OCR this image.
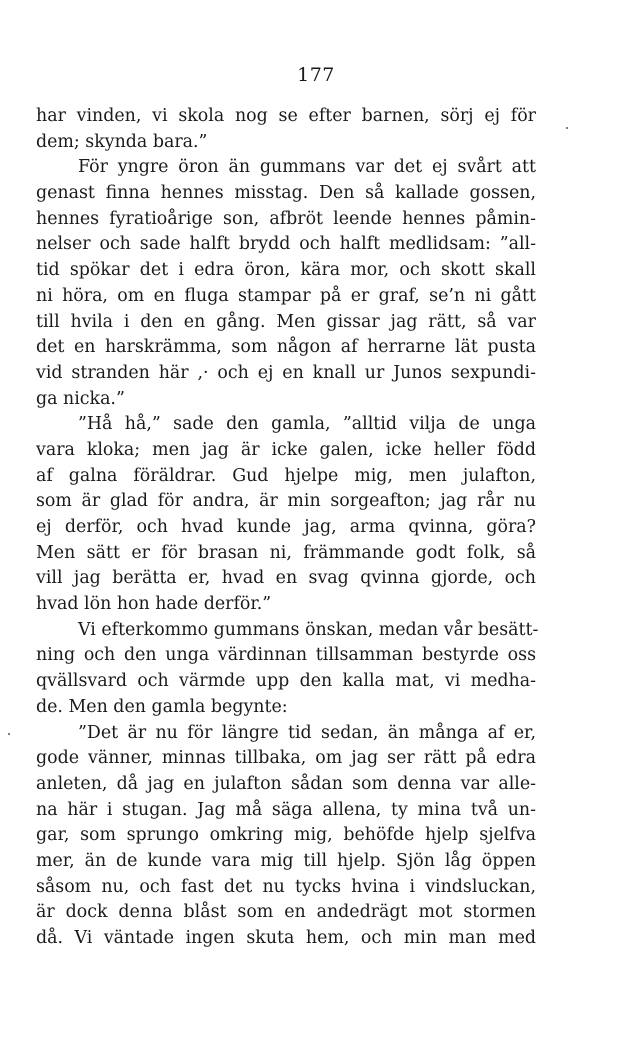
177
har vinden, vi skola nog se efter barnen, sörj ej för
dem; skynda bara.”
För yngre öron än gummans var det ej svårt att
genast finna hennes misstag. Den så kallade gossen,
hennes fyratioårige son, afbröt leende hennes påmin-
nelser och sade halft brydd och halft medlidsam: ”all-
tid spökar det i edra öron, kära mor, och skott skall
ni höra, om en fluga stampar på er graf, se’n ni gått
till hvila i den en gång. Men gissar jag rätt, så var
det en harskrämma, som någon af herrarne lät pusta
vid stranden här ,· och ej en knall ur Junos sexpundi-
ga nicka.”
”Hå hå,” sade den gamla, ”alltid vilja de unga
vara kloka; men jag är icke galen, icke heller född
af galna föräldrar. Gud hjelpe mig, men julafton,
som är glad för andra, är min sorgeafton; jag rår nu
ej derför, och hvad kunde jag, arma qvinna, göra?
Men sätt er för brasan ni, främmande godt folk, så
vill jag berätta er, hvad en svag qvinna gjorde, och
hvad lön hon hade derför.”
Vi efterkommo gummans önskan, medan vår besätt-
ning och den unga värdinnan tillsamman bestyrde oss
qvällsvard och värmde upp den kalla mat, vi medha-
de. Men den gamla begynte:
”Det är nu för längre tid sedan, än många af er,
gode vänner, minnas tillbaka, om jag ser rätt på edra
anleten, då jag en julafton sådan som denna var alle-
na här i stugan. Jag må säga allena, ty mina två un-
gar, som sprungo omkring mig, behöfde hjelp sjelfva
mer, än de kunde vara mig till hjelp. Sjön låg öppen
såsom nu, och fast det nu tycks hvina i vindsluckan,
är dock denna blåst som en andedrägt mot stormen
då. Vi väntade ingen skuta hem, och min man med
